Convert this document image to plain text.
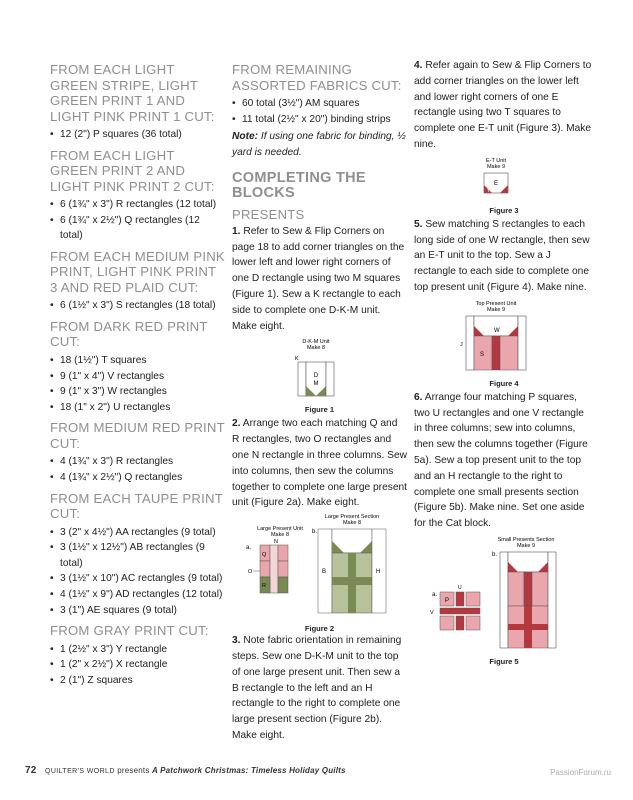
FROM EACH LIGHT GREEN STRIPE, LIGHT GREEN PRINT 1 AND LIGHT PINK PRINT 1 CUT:
• 12 (2") P squares (36 total)
FROM EACH LIGHT GREEN PRINT 2 AND LIGHT PINK PRINT 2 CUT:
• 6 (1¾" x 3") R rectangles (12 total)
• 6 (1¾" x 2½") Q rectangles (12 total)
FROM EACH MEDIUM PINK PRINT, LIGHT PINK PRINT 3 AND RED PLAID CUT:
• 6 (1½" x 3") S rectangles (18 total)
FROM DARK RED PRINT CUT:
• 18 (1½") T squares
• 9 (1" x 4") V rectangles
• 9 (1" x 3") W rectangles
• 18 (1" x 2") U rectangles
FROM MEDIUM RED PRINT CUT:
• 4 (1¾" x 3") R rectangles
• 4 (1¾" x 2½") Q rectangles
FROM EACH TAUPE PRINT CUT:
• 3 (2" x 4½") AA rectangles (9 total)
• 3 (1½" x 12½") AB rectangles (9 total)
• 3 (1½" x 10") AC rectangles (9 total)
• 4 (1½" x 9") AD rectangles (12 total)
• 3 (1") AE squares (9 total)
FROM GRAY PRINT CUT:
• 1 (2½" x 3") Y rectangle
• 1 (2" x 2½") X rectangle
• 2 (1") Z squares
FROM REMAINING ASSORTED FABRICS CUT:
• 60 total (3½") AM squares
• 11 total (2½" x 20") binding strips

Note: If using one fabric for binding, ½ yard is needed.

COMPLETING THE BLOCKS
PRESENTS

1. Refer to Sew & Flip Corners on page 18 to add corner triangles on the lower left and lower right corners of one D rectangle using two M squares (Figure 1). Sew a K rectangle to each side to complete one D-K-M unit. Make eight.

D-K-M Unit
Make 8
K
D
M
Figure 1

2. Arrange two each matching Q and R rectangles, two O rectangles and one N rectangle in three columns. Sew into columns, then sew the columns together to complete one large present unit (Figure 2a). Make eight.

Large Present Unit
Make 8
a.
N
Q
O
R
Large Present Section
Make 8
b.
B	H
Figure 2

3. Note fabric orientation in remaining steps. Sew one D-K-M unit to the top of one large present unit. Then sew a B rectangle to the left and an H rectangle to the right to complete one large present section (Figure 2b). Make eight.

4. Refer again to Sew & Flip Corners to add corner triangles on the lower left and lower right corners of one E rectangle using two T squares to complete one E-T unit (Figure 3). Make nine.

E-T Unit
Make 9
E
T
Figure 3

5. Sew matching S rectangles to each long side of one W rectangle, then sew an E-T unit to the top. Sew a J rectangle to each side to complete one top present unit (Figure 4). Make nine.

Top Present Unit
Make 9
J
S
W
Figure 4

6. Arrange four matching P squares, two U rectangles and one V rectangle in three columns; sew into columns, then sew the columns together (Figure 5a). Sew a top present unit to the top and an H rectangle to the right to complete one small presents section (Figure 5b). Make nine. Set one aside for the Cat block.

Small Presents Section
Make 9
a.
P
U
V
b.
Figure 5
72 QUILTER'S WORLD presents A Patchwork Christmas: Timeless Holiday Quilts	PassionForum.ru
